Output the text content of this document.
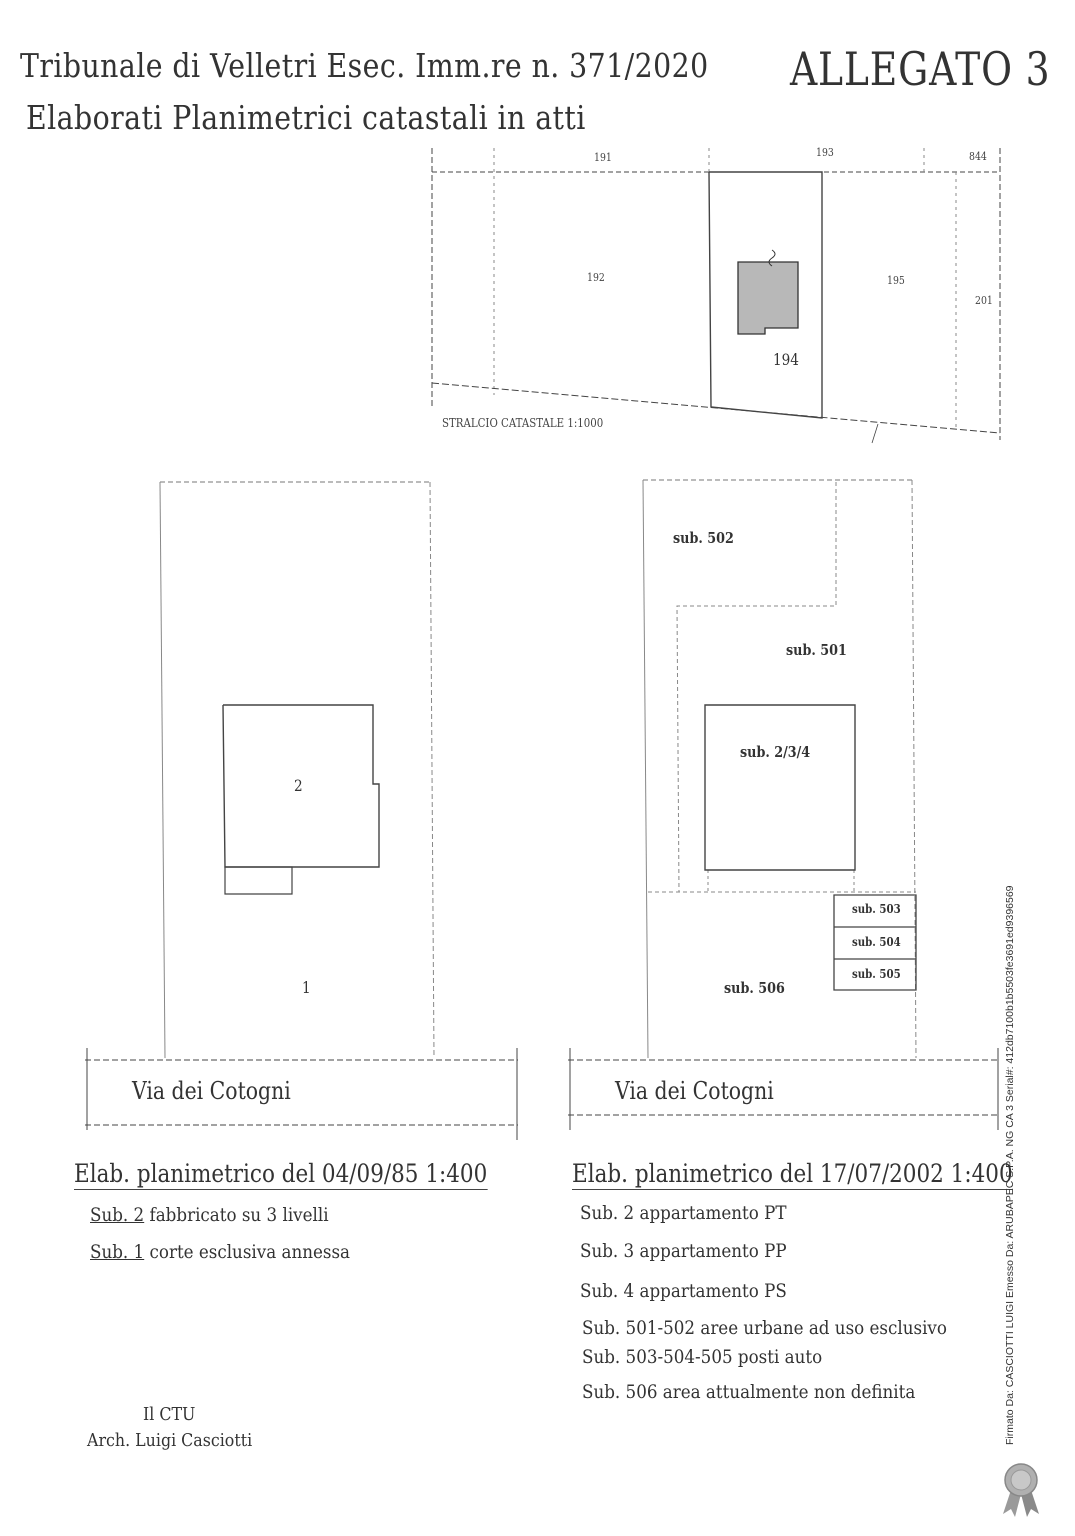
Tribunale di Velletri Esec. Imm.re n. 371/2020 ALLEGATO 3
Elaborati Planimetrici catastali in atti
191	193	844
192	195
201
194
STRALCIO CATASTALE 1:1000
2
1
Via dei Cotogni
Elab. planimetrico del 04/09/85 1:400
Sub. 2 fabbricato su 3 livelli
Sub. 1 corte esclusiva annessa
sub. 502
sub. 501
sub. 2/3/4
sub. 503
sub. 504
sub. 505
sub. 506
Via dei Cotogni
Elab. planimetrico del 17/07/2002 1:400
Sub. 2 appartamento PT
Sub. 3 appartamento PP
Sub. 4 appartamento PS
Sub. 501-502 aree urbane ad uso esclusivo
Sub. 503-504-505 posti auto
Sub. 506 area attualmente non definita
Il CTU
Arch. Luigi Casciotti	Firmato Da: CASCIOTTI LUIGI Emesso Da: ARUBAPEC S.P.A. NG CA 3 Serial#: 412db7100b1b5503fe3691ed9396569
